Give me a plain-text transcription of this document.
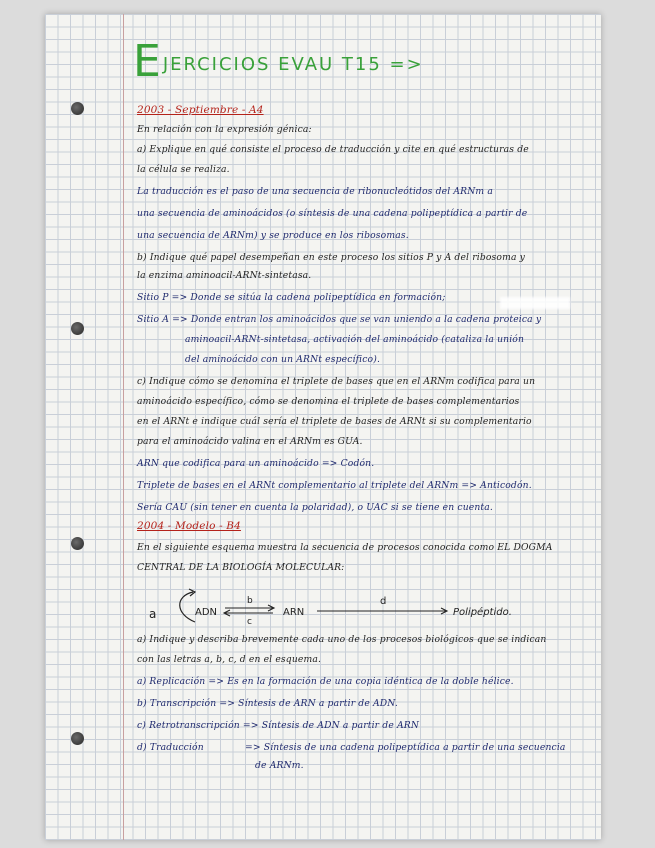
EJERCICIOS EVAU T15 =>
2003 - Septiembre - A4
En relación con la expresión génica:
a) Explique en qué consiste el proceso de traducción y cite en qué estructuras de
la célula se realiza.
La traducción es el paso de una secuencia de ribonucleótidos del ARNm a
una secuencia de aminoácidos (o síntesis de una cadena polipeptídica a partir de
una secuencia de ARNm) y se produce en los ribosomas.
b) Indique qué papel desempeñan en este proceso los sitios P y A del ribosoma y
la enzima aminoacil-ARNt-sintetasa.
Sitio P => Donde se sitúa la cadena polipeptídica en formación;
Sitio A => Donde entran los aminoácidos que se van uniendo a la cadena proteica y
aminoacil-ARNt-sintetasa, activación del aminoácido (cataliza la unión
del aminoácido con un ARNt específico).
c) Indique cómo se denomina el triplete de bases que en el ARNm codifica para un
aminoácido específico, cómo se denomina el triplete de bases complementarios
en el ARNt e indique cuál sería el triplete de bases de ARNt si su complementario
para el aminoácido valina en el ARNm es GUA.
ARN que codifica para un aminoácido => Codón.
Triplete de bases en el ARNt complementario al triplete del ARNm => Anticodón.
Sería CAU (sin tener en cuenta la polaridad), o UAC si se tiene en cuenta.
2004 - Modelo - B4
En el siguiente esquema muestra la secuencia de procesos conocida como EL DOGMA
CENTRAL DE LA BIOLOGÍA MOLECULAR:
a	ADN
b
c
ARN
d
Polipéptido.
a) Indique y describa brevemente cada uno de los procesos biológicos que se indican
con las letras a, b, c, d en el esquema.
a) Replicación => Es en la formación de una copia idéntica de la doble hélice.
b) Transcripción => Síntesis de ARN a partir de ADN.
c) Retrotranscripción => Síntesis de ADN a partir de ARN
d) Traducción	=> Síntesis de una cadena polipeptídica a partir de una secuencia
de ARNm.
